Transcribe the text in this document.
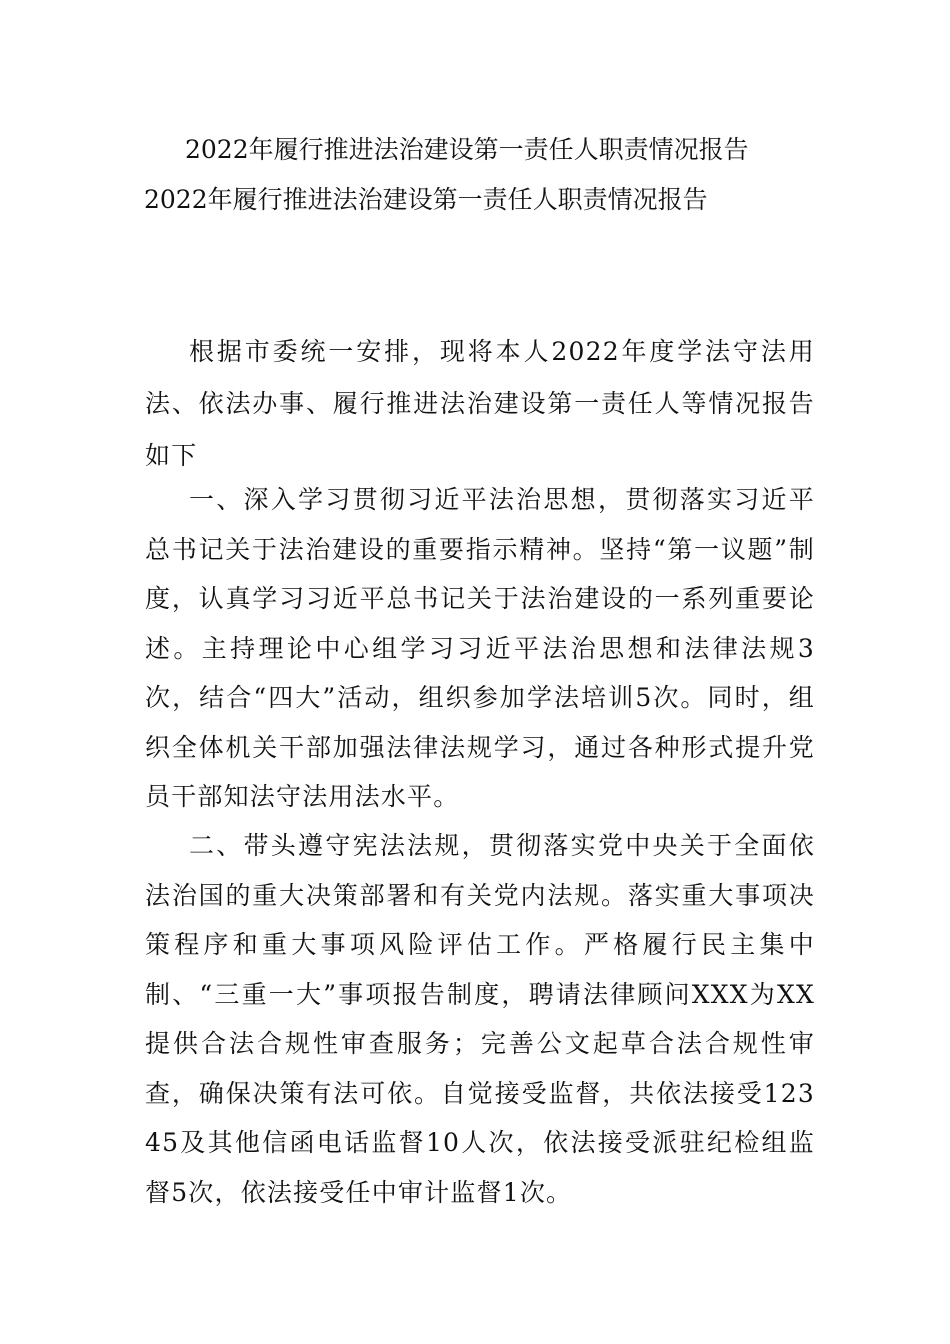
2022年履行推进法治建设第一责任人职责情况报告
2022年履行推进法治建设第一责任人职责情况报告

根据市委统一安排，现将本人2022年度学法守法用法、依法办事、履行推进法治建设第一责任人等情况报告如下

一、深入学习贯彻习近平法治思想，贯彻落实习近平总书记关于法治建设的重要指示精神。坚持“第一议题”制度，认真学习习近平总书记关于法治建设的一系列重要论述。主持理论中心组学习习近平法治思想和法律法规3次，结合“四大”活动，组织参加学法培训5次。同时，组织全体机关干部加强法律法规学习，通过各种形式提升党员干部知法守法用法水平。

二、带头遵守宪法法规，贯彻落实党中央关于全面依法治国的重大决策部署和有关党内法规。落实重大事项决策程序和重大事项风险评估工作。严格履行民主集中制、“三重一大”事项报告制度，聘请法律顾问XXX为XX提供合法合规性审查服务；完善公文起草合法合规性审查，确保决策有法可依。自觉接受监督，共依法接受12345及其他信函电话监督10人次，依法接受派驻纪检组监督5次，依法接受任中审计监督1次。
